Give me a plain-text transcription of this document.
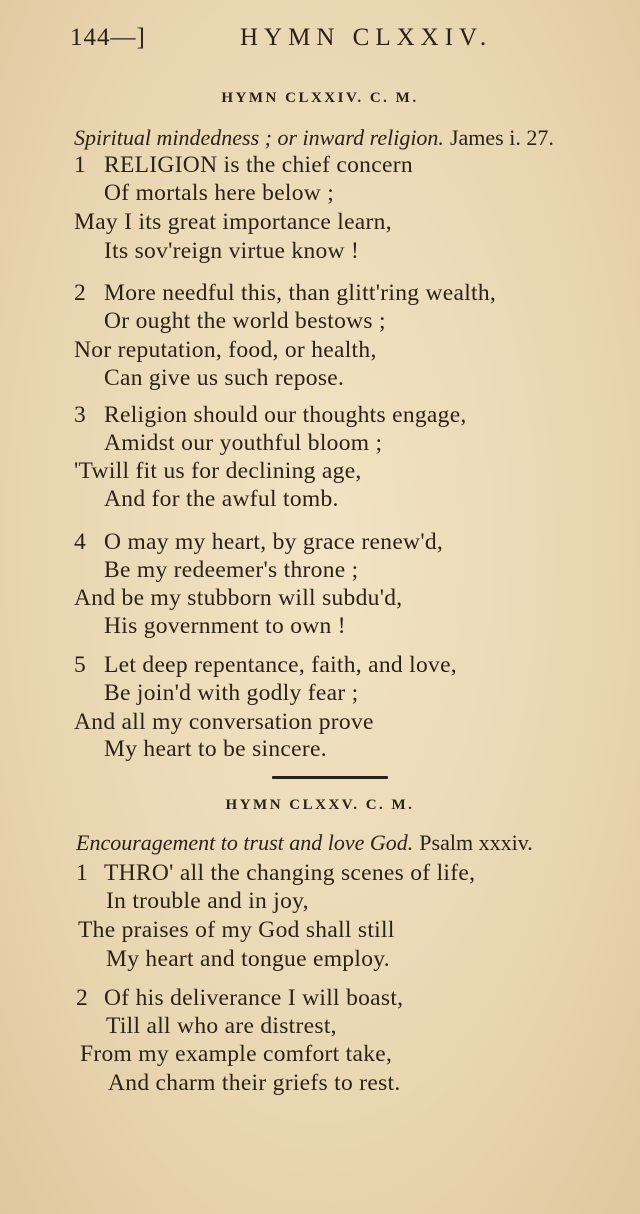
144—]	HYMN CLXXIV.
HYMN CLXXIV. C. M.
Spiritual mindedness ; or inward religion. James i. 27.
1 RELIGION is the chief concern
Of mortals here below ;
May I its great importance learn,
Its sov'reign virtue know !
2 More needful this, than glitt'ring wealth,
Or ought the world bestows ;
Nor reputation, food, or health,
Can give us such repose.
3 Religion should our thoughts engage,
Amidst our youthful bloom ;
'Twill fit us for declining age,
And for the awful tomb.
4 O may my heart, by grace renew'd,
Be my redeemer's throne ;
And be my stubborn will subdu'd,
His government to own !
5 Let deep repentance, faith, and love,
Be join'd with godly fear ;
And all my conversation prove
My heart to be sincere.
HYMN CLXXV. C. M.
Encouragement to trust and love God. Psalm xxxiv.
1 THRO' all the changing scenes of life,
In trouble and in joy,
The praises of my God shall still
My heart and tongue employ.
2 Of his deliverance I will boast,
Till all who are distrest,
From my example comfort take,
And charm their griefs to rest.
